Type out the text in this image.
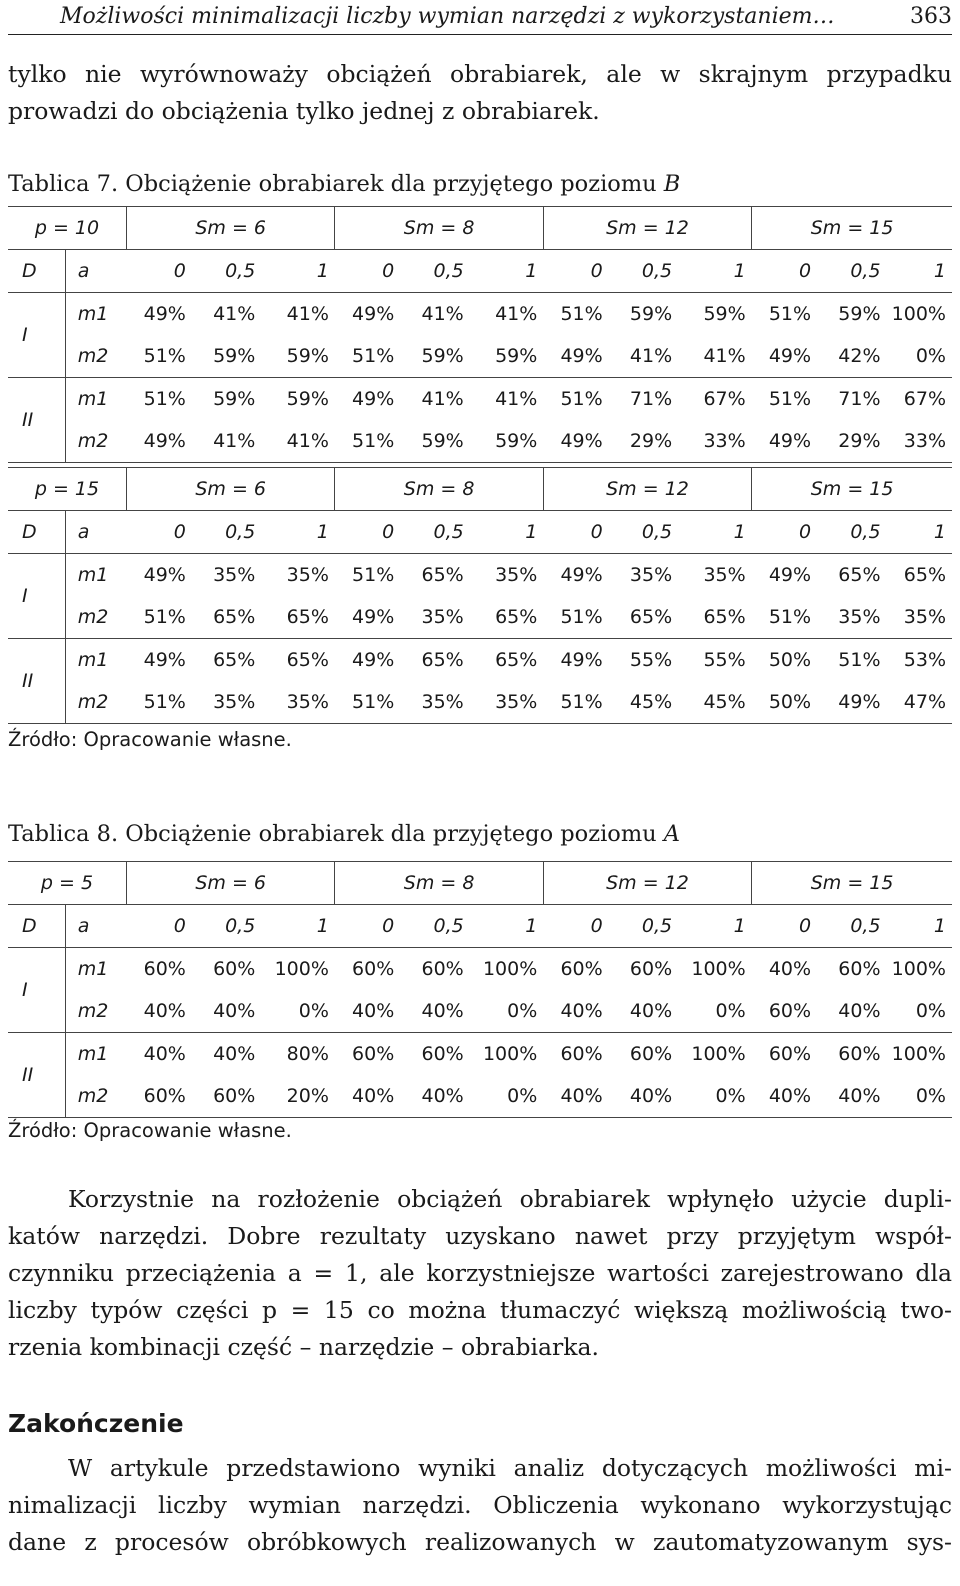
Możliwości minimalizacji liczby wymian narzędzi z wykorzystaniem…	363
tylko nie wyrównoważy obciążeń obrabiarek, ale w skrajnym przypadku
prowadzi do obciążenia tylko jednej z obrabiarek.
Tablica 7. Obciążenie obrabiarek dla przyjętego poziomu B
p = 10		Sm = 6			Sm = 8			Sm = 12			Sm = 15		
D	a	0	0,5	1	0	0,5	1	0	0,5	1	0	0,5	1
I	m1	49%	41%	41%	49%	41%	41%	51%	59%	59%	51%	59%	100%
	m2	51%	59%	59%	51%	59%	59%	49%	41%	41%	49%	42%	0%
II	m1	51%	59%	59%	49%	41%	41%	51%	71%	67%	51%	71%	67%
	m2	49%	41%	41%	51%	59%	59%	49%	29%	33%	49%	29%	33%
p = 15		Sm = 6			Sm = 8			Sm = 12			Sm = 15		
D	a	0	0,5	1	0	0,5	1	0	0,5	1	0	0,5	1
I	m1	49%	35%	35%	51%	65%	35%	49%	35%	35%	49%	65%	65%
	m2	51%	65%	65%	49%	35%	65%	51%	65%	65%	51%	35%	35%
II	m1	49%	65%	65%	49%	65%	65%	49%	55%	55%	50%	51%	53%
	m2	51%	35%	35%	51%	35%	35%	51%	45%	45%	50%	49%	47%
Źródło: Opracowanie własne.
Tablica 8. Obciążenie obrabiarek dla przyjętego poziomu A
p = 5		Sm = 6			Sm = 8			Sm = 12			Sm = 15		
D	a	0	0,5	1	0	0,5	1	0	0,5	1	0	0,5	1
I	m1	60%	60%	100%	60%	60%	100%	60%	60%	100%	40%	60%	100%
	m2	40%	40%	0%	40%	40%	0%	40%	40%	0%	60%	40%	0%
II	m1	40%	40%	80%	60%	60%	100%	60%	60%	100%	60%	60%	100%
	m2	60%	60%	20%	40%	40%	0%	40%	40%	0%	40%	40%	0%
Źródło: Opracowanie własne.
Korzystnie na rozłożenie obciążeń obrabiarek wpłynęło użycie dupli-
katów narzędzi. Dobre rezultaty uzyskano nawet przy przyjętym współ-
czynniku przeciążenia a = 1, ale korzystniejsze wartości zarejestrowano dla
liczby typów części p = 15 co można tłumaczyć większą możliwością two-
rzenia kombinacji część – narzędzie – obrabiarka.
Zakończenie
W artykule przedstawiono wyniki analiz dotyczących możliwości mi-
nimalizacji liczby wymian narzędzi. Obliczenia wykonano wykorzystując
dane z procesów obróbkowych realizowanych w zautomatyzowanym sys-
